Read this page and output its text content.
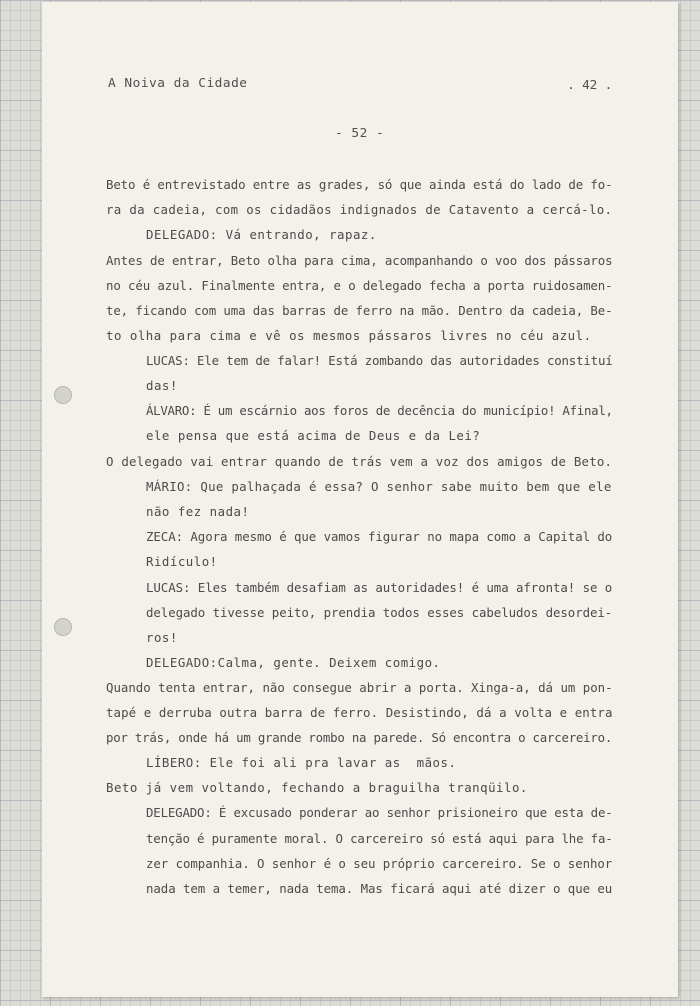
A Noiva da Cidade	. 42 .
- 52 -
Beto é entrevistado entre as grades, só que ainda está do lado de fo-
ra da cadeia, com os cidadãos indignados de Catavento a cercá-lo.
DELEGADO: Vá entrando, rapaz.
Antes de entrar, Beto olha para cima, acompanhando o voo dos pássaros
no céu azul. Finalmente entra, e o delegado fecha a porta ruidosamen-
te, ficando com uma das barras de ferro na mão. Dentro da cadeia, Be-
to olha para cima e vê os mesmos pássaros livres no céu azul.
LUCAS: Ele tem de falar! Está zombando das autoridades constituí
das!
ÁLVARO: É um escárnio aos foros de decência do município! Afinal,
ele pensa que está acima de Deus e da Lei?
O delegado vai entrar quando de trás vem a voz dos amigos de Beto.
MÁRIO: Que palhaçada é essa? O senhor sabe muito bem que ele
não fez nada!
ZECA: Agora mesmo é que vamos figurar no mapa como a Capital do
Ridículo!
LUCAS: Eles também desafiam as autoridades! é uma afronta! se o
delegado tivesse peito, prendia todos esses cabeludos desordei-
ros!
DELEGADO:Calma, gente. Deixem comigo.
Quando tenta entrar, não consegue abrir a porta. Xinga-a, dá um pon-
tapé e derruba outra barra de ferro. Desistindo, dá a volta e entra
por trás, onde há um grande rombo na parede. Só encontra o carcereiro.
LÍBERO: Ele foi ali pra lavar as  mãos.
Beto já vem voltando, fechando a braguilha tranqüilo.
DELEGADO: É excusado ponderar ao senhor prisioneiro que esta de-
tenção é puramente moral. O carcereiro só está aqui para lhe fa-
zer companhia. O senhor é o seu próprio carcereiro. Se o senhor
nada tem a temer, nada tema. Mas ficará aqui até dizer o que eu
